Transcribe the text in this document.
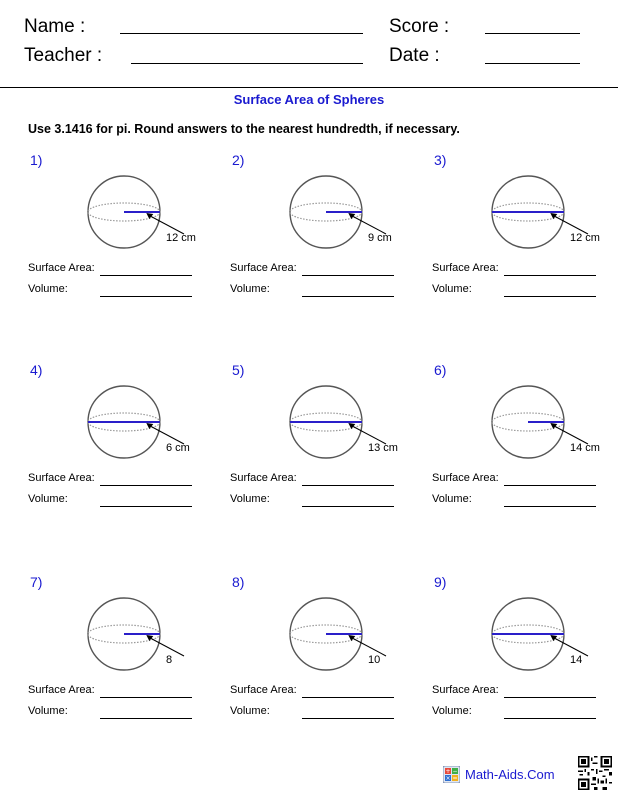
Name :
Teacher :
Score :
Date :
Surface Area of Spheres
Use 3.1416 for pi. Round answers to the nearest hundredth, if necessary.
1)
12 cm
Surface Area:
Volume:
2)
9 cm
Surface Area:
Volume:
3)
12 cm
Surface Area:
Volume:
4)
6 cm
Surface Area:
Volume:
5)
13 cm
Surface Area:
Volume:
6)
14 cm
Surface Area:
Volume:
7)
8
Surface Area:
Volume:
8)
10
Surface Area:
Volume:
9)
14
Surface Area:
Volume:
+ −
× = Math-Aids.Com
